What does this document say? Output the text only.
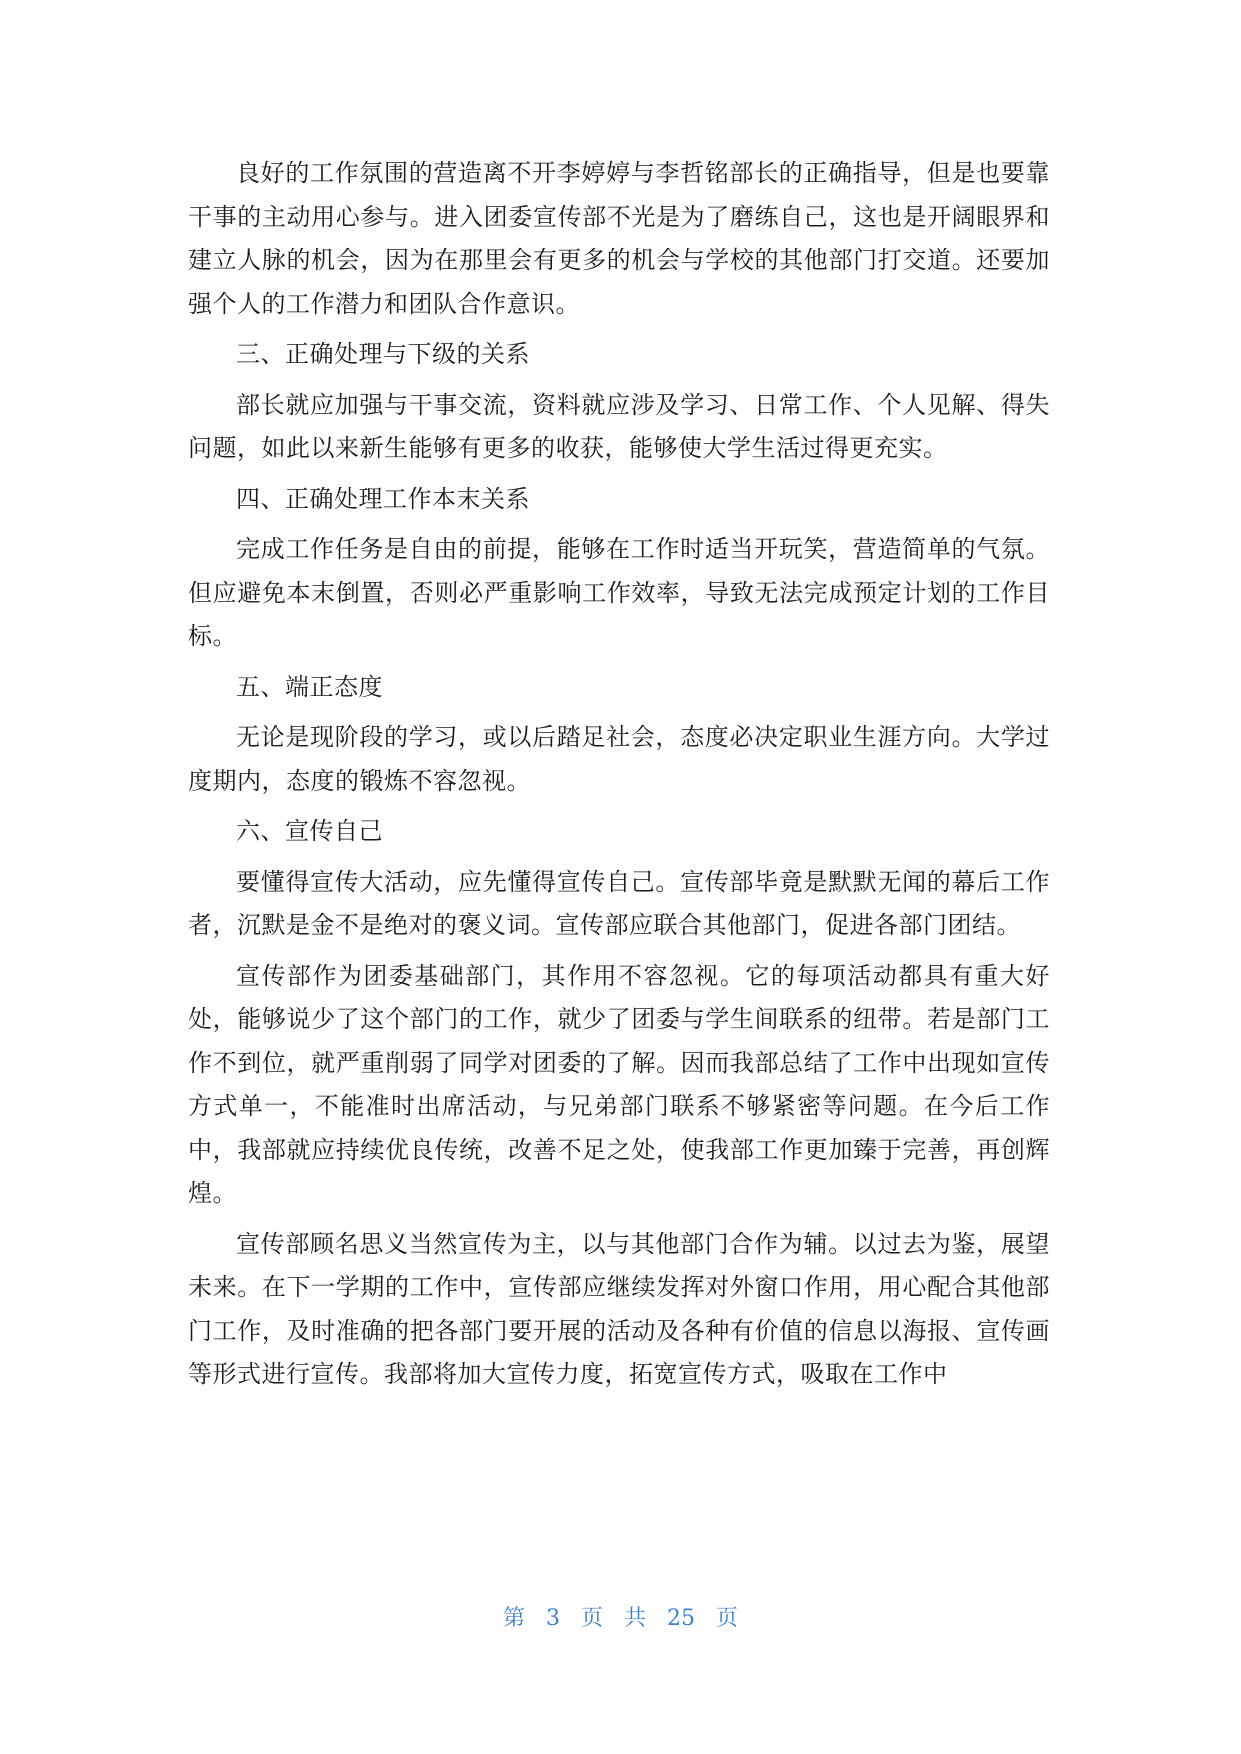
良好的工作氛围的营造离不开李婷婷与李哲铭部长的正确指导，但是也要靠干事的主动用心参与。进入团委宣传部不光是为了磨练自己，这也是开阔眼界和建立人脉的机会，因为在那里会有更多的机会与学校的其他部门打交道。还要加强个人的工作潜力和团队合作意识。

三、正确处理与下级的关系

部长就应加强与干事交流，资料就应涉及学习、日常工作、个人见解、得失问题，如此以来新生能够有更多的收获，能够使大学生活过得更充实。

四、正确处理工作本末关系

完成工作任务是自由的前提，能够在工作时适当开玩笑，营造简单的气氛。但应避免本末倒置，否则必严重影响工作效率，导致无法完成预定计划的工作目标。

五、端正态度

无论是现阶段的学习，或以后踏足社会，态度必决定职业生涯方向。大学过度期内，态度的锻炼不容忽视。

六、宣传自己

要懂得宣传大活动，应先懂得宣传自己。宣传部毕竟是默默无闻的幕后工作者，沉默是金不是绝对的褒义词。宣传部应联合其他部门，促进各部门团结。

宣传部作为团委基础部门，其作用不容忽视。它的每项活动都具有重大好处，能够说少了这个部门的工作，就少了团委与学生间联系的纽带。若是部门工作不到位，就严重削弱了同学对团委的了解。因而我部总结了工作中出现如宣传方式单一，不能准时出席活动，与兄弟部门联系不够紧密等问题。在今后工作中，我部就应持续优良传统，改善不足之处，使我部工作更加臻于完善，再创辉煌。

宣传部顾名思义当然宣传为主，以与其他部门合作为辅。以过去为鉴，展望未来。在下一学期的工作中，宣传部应继续发挥对外窗口作用，用心配合其他部门工作，及时准确的把各部门要开展的活动及各种有价值的信息以海报、宣传画等形式进行宣传。我部将加大宣传力度，拓宽宣传方式，吸取在工作中

第 3 页 共 25 页
